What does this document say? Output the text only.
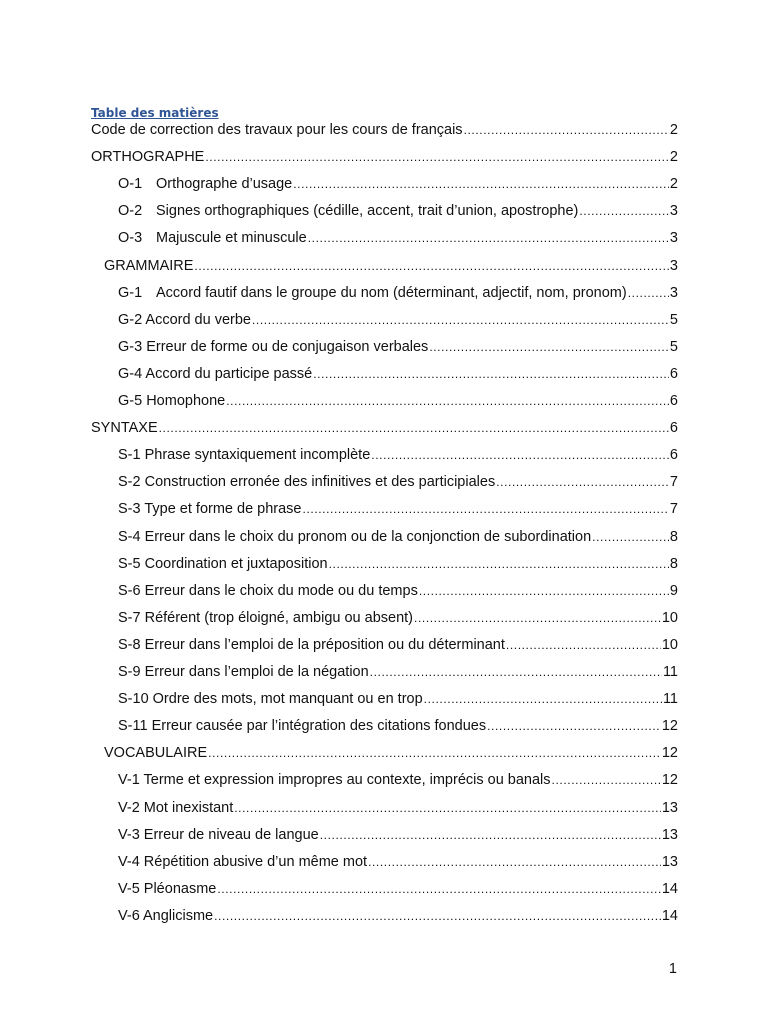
Table des matières
Code de correction des travaux pour les cours de français .....	2
ORTHOGRAPHE .....	2
O-1 Orthographe d’usage .....	2
O-2 Signes orthographiques (cédille, accent, trait d’union, apostrophe) .....	3
O-3 Majuscule et minuscule .....	3
GRAMMAIRE .....	3
G-1 Accord fautif dans le groupe du nom (déterminant, adjectif, nom, pronom) .....	3
G-2 Accord du verbe .....	5
G-3 Erreur de forme ou de conjugaison verbales .....	5
G-4 Accord du participe passé .....	6
G-5 Homophone .....	6
SYNTAXE .....	6
S-1 Phrase syntaxiquement incomplète .....	6
S-2 Construction erronée des infinitives et des participiales .....	7
S-3 Type et forme de phrase .....	7
S-4 Erreur dans le choix du pronom ou de la conjonction de subordination .....	8
S-5 Coordination et juxtaposition .....	8
S-6 Erreur dans le choix du mode ou du temps .....	9
S-7 Référent (trop éloigné, ambigu ou absent) .....	10
S-8 Erreur dans l’emploi de la préposition ou du déterminant .....	10
S-9 Erreur dans l’emploi de la négation .....	11
S-10 Ordre des mots, mot manquant ou en trop .....	11
S-11 Erreur causée par l’intégration des citations fondues .....	12
VOCABULAIRE .....	12
V-1 Terme et expression impropres au contexte, imprécis ou banals .....	12
V-2 Mot inexistant .....	13
V-3 Erreur de niveau de langue .....	13
V-4 Répétition abusive d’un même mot .....	13
V-5 Pléonasme .....	14
V-6 Anglicisme .....	14
1
